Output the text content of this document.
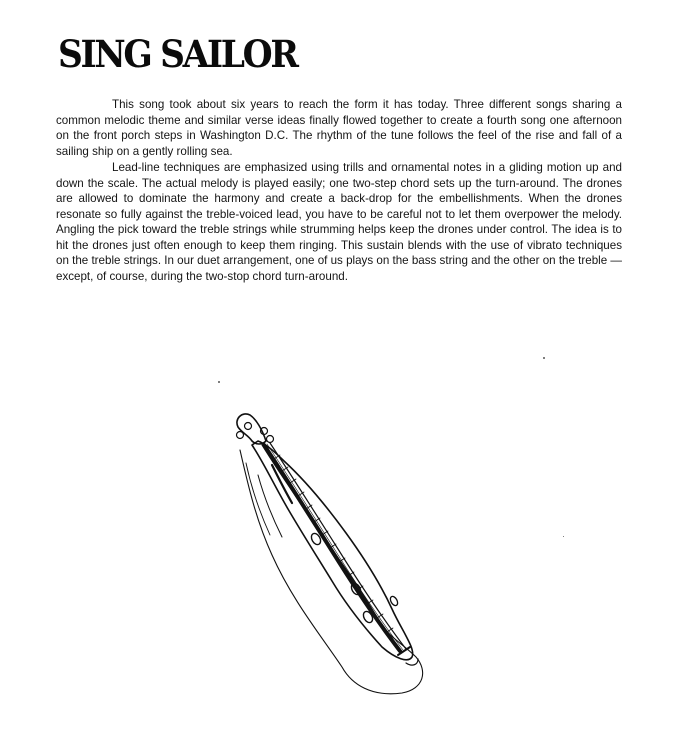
SING SAILOR

This song took about six years to reach the form it has today. Three different songs sharing a common melodic theme and similar verse ideas finally flowed together to create a fourth song one afternoon on the front porch steps in Washington D.C. The rhythm of the tune follows the feel of the rise and fall of a sailing ship on a gently rolling sea.

Lead-line techniques are emphasized using trills and ornamental notes in a gliding motion up and down the scale. The actual melody is played easily; one two-step chord sets up the turn-around. The drones are allowed to dominate the harmony and create a back-drop for the embellishments. When the drones resonate so fully against the treble-voiced lead, you have to be careful not to let them overpower the melody. Angling the pick toward the treble strings while strumming helps keep the drones under control. The idea is to hit the drones just often enough to keep them ringing. This sustain blends with the use of vibrato techniques on the treble strings. In our duet arrangement, one of us plays on the bass string and the other on the treble — except, of course, during the two-stop chord turn-around.
